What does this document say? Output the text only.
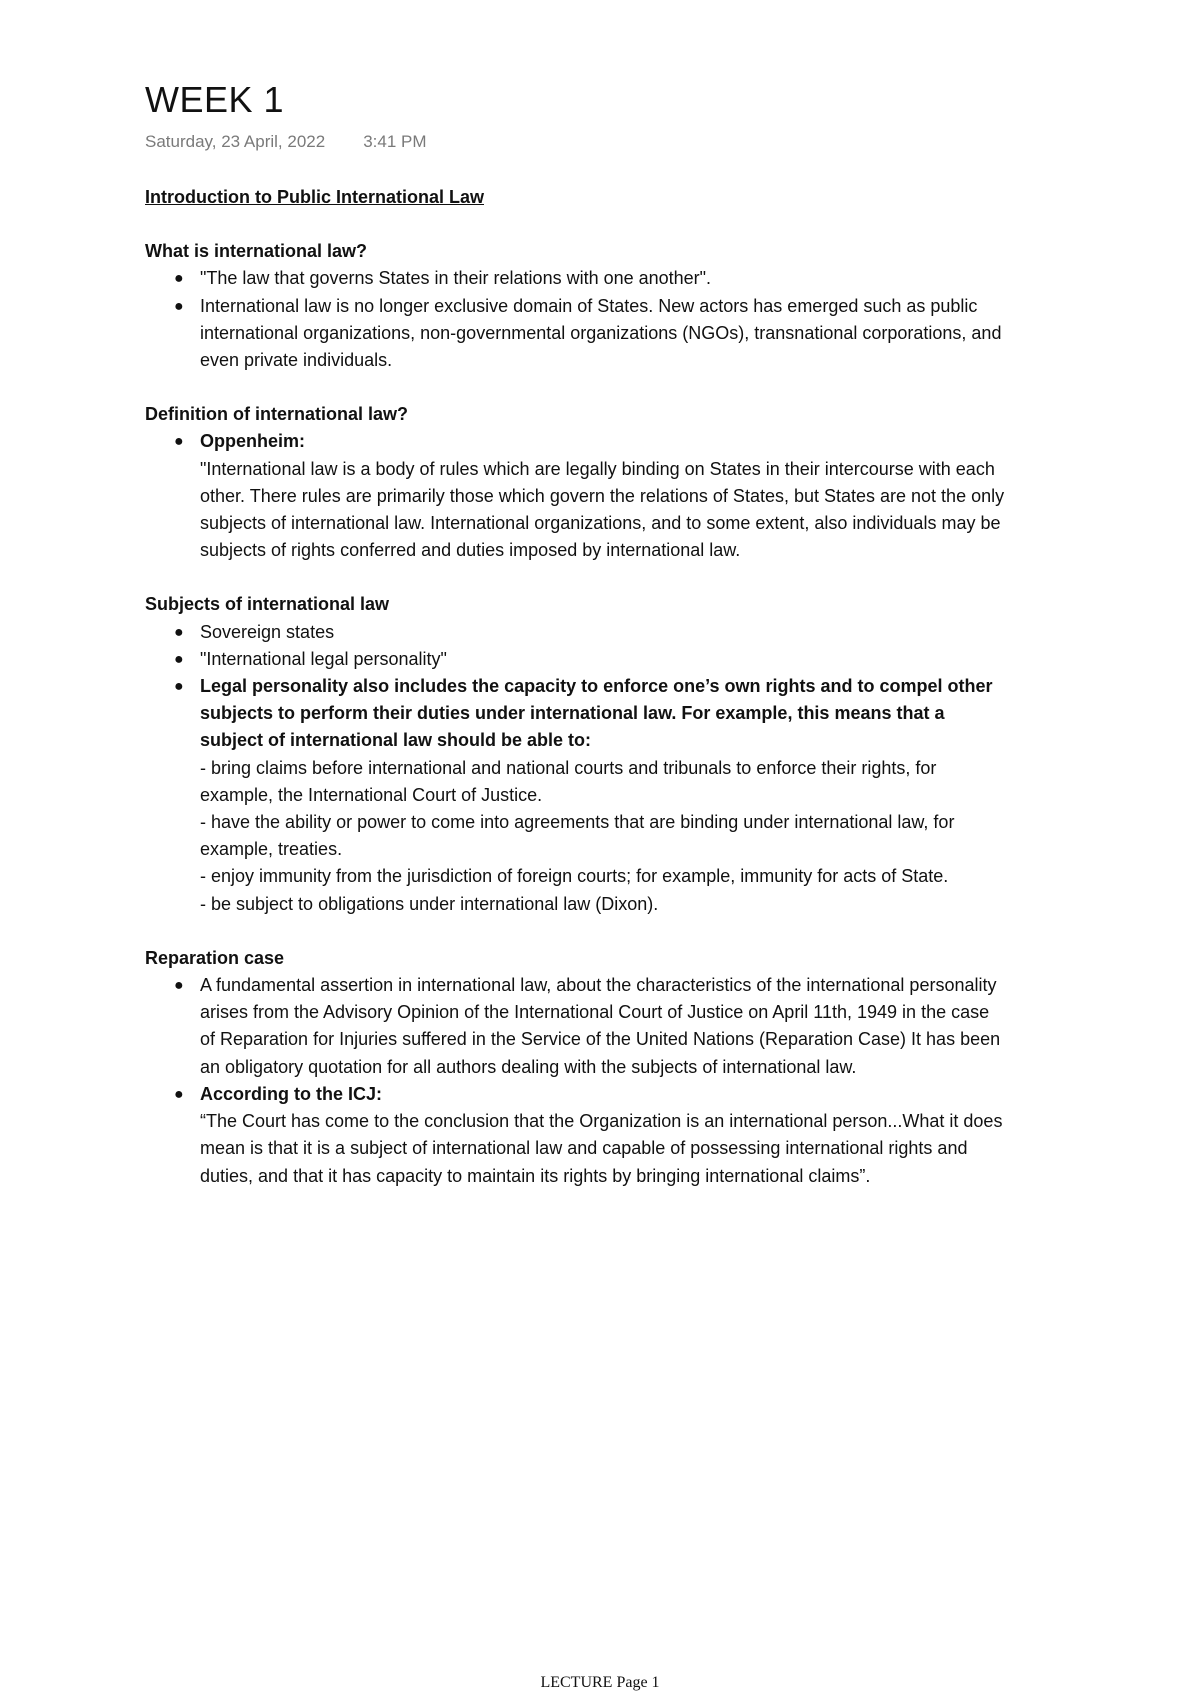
WEEK 1
Saturday, 23 April, 2022 3:41 PM

Introduction to Public International Law

What is international law?

● "The law that governs States in their relations with one another".
● International law is no longer exclusive domain of States. New actors has emerged such as public international organizations, non-governmental organizations (NGOs), transnational corporations, and even private individuals.

Definition of international law?

● Oppenheim:
"International law is a body of rules which are legally binding on States in their intercourse with each other. There rules are primarily those which govern the relations of States, but States are not the only subjects of international law. International organizations, and to some extent, also individuals may be subjects of rights conferred and duties imposed by international law.

Subjects of international law

● Sovereign states
● "International legal personality"
● Legal personality also includes the capacity to enforce one’s own rights and to compel other subjects to perform their duties under international law. For example, this means that a subject of international law should be able to:
- bring claims before international and national courts and tribunals to enforce their rights, for example, the International Court of Justice.
- have the ability or power to come into agreements that are binding under international law, for example, treaties.
- enjoy immunity from the jurisdiction of foreign courts; for example, immunity for acts of State.
- be subject to obligations under international law (Dixon).

Reparation case

● A fundamental assertion in international law, about the characteristics of the international personality arises from the Advisory Opinion of the International Court of Justice on April 11th, 1949 in the case of Reparation for Injuries suffered in the Service of the United Nations (Reparation Case) It has been an obligatory quotation for all authors dealing with the subjects of international law.
● According to the ICJ:
“The Court has come to the conclusion that the Organization is an international person...What it does mean is that it is a subject of international law and capable of possessing international rights and duties, and that it has capacity to maintain its rights by bringing international claims”.
LECTURE Page 1
